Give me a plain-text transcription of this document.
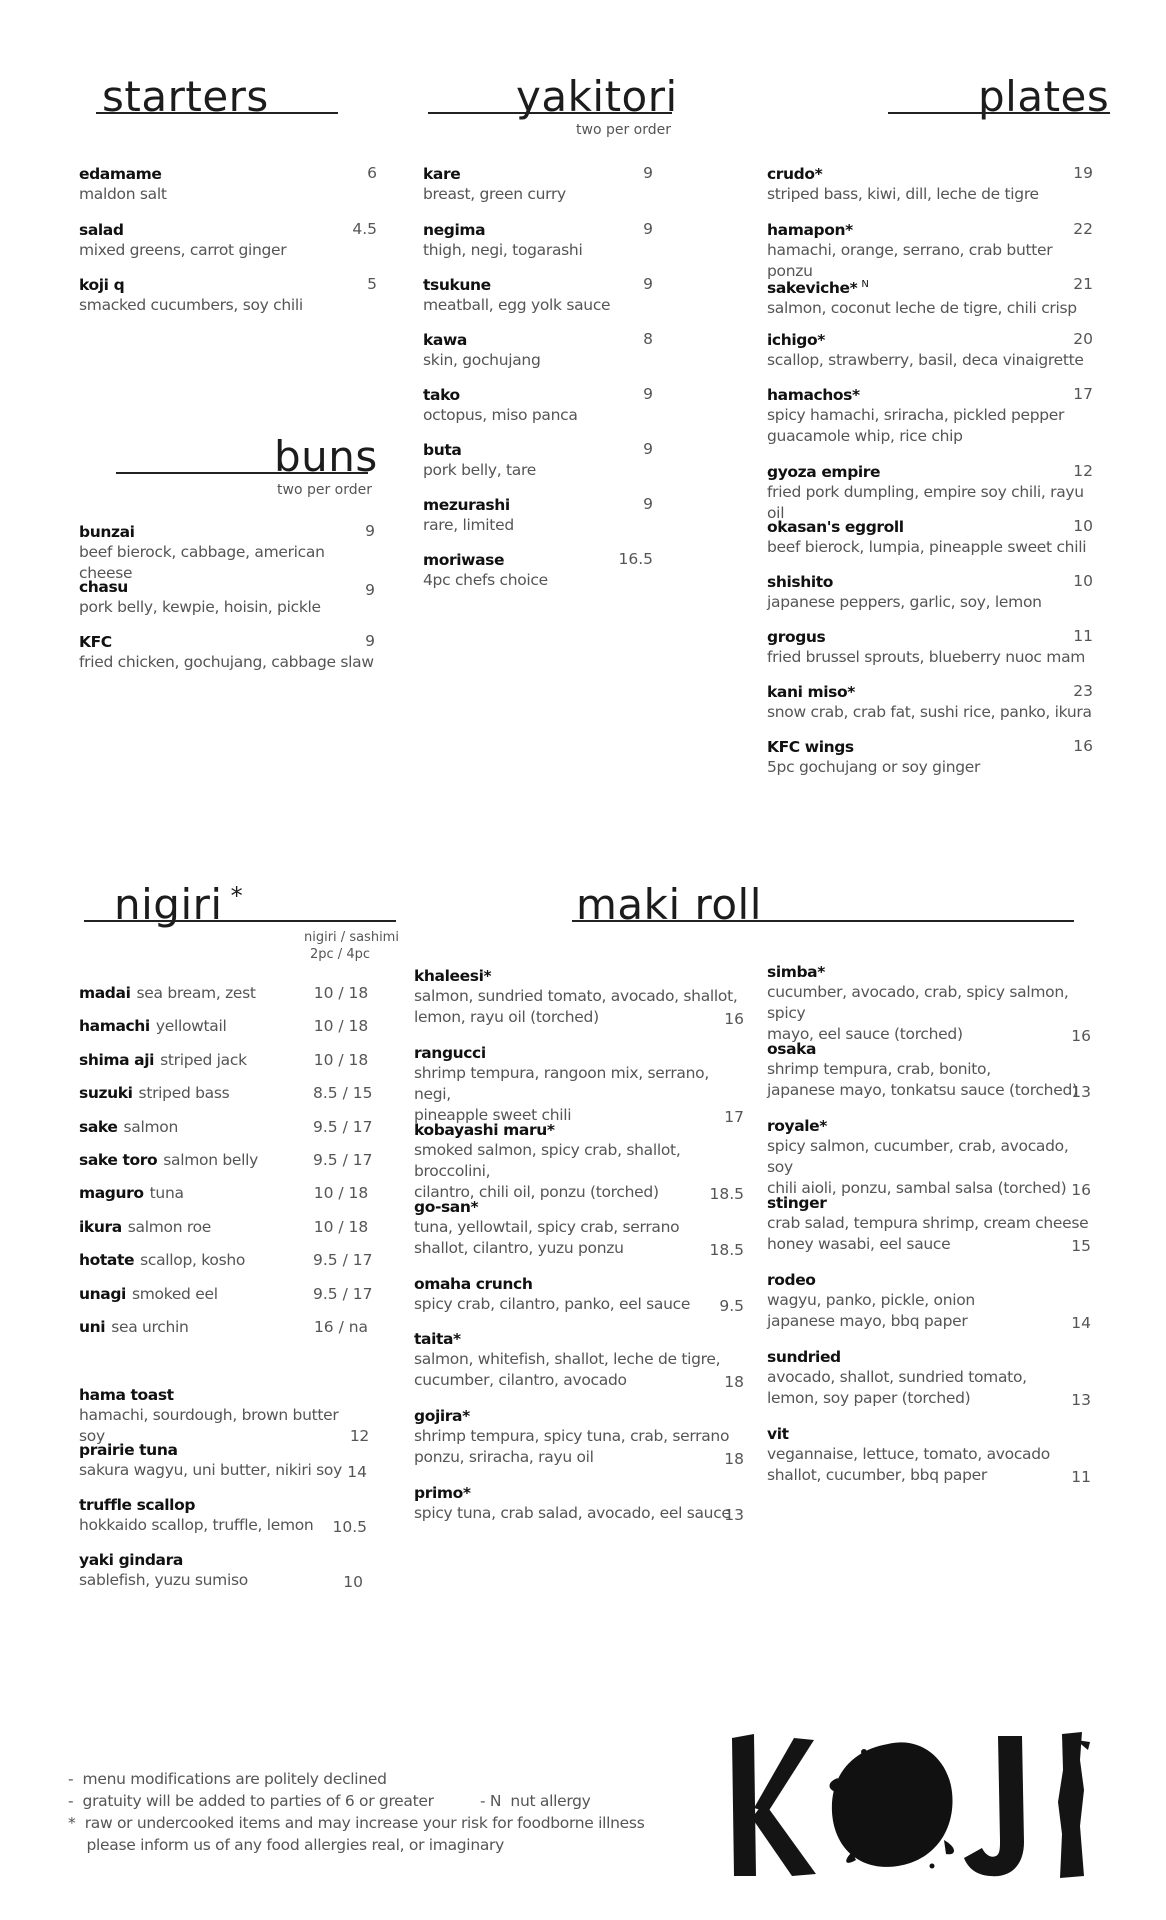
starters	yakitori
two per order
plates
buns
two per order
nigiri *
nigiri / sashimi
2pc / 4pc
maki roll
edamame
maldon salt
6
salad
mixed greens, carrot ginger
4.5
koji q
smacked cucumbers, soy chili
5
bunzai
beef bierock, cabbage, american cheese
9
chasu
pork belly, kewpie, hoisin, pickle
9
KFC
fried chicken, gochujang, cabbage slaw
9
kare
breast, green curry
9
negima
thigh, negi, togarashi
9
tsukune
meatball, egg yolk sauce
9
kawa
skin, gochujang
8
tako
octopus, miso panca
9
buta
pork belly, tare
9
mezurashi
rare, limited
9
moriwase
4pc chefs choice
16.5
crudo*
striped bass, kiwi, dill, leche de tigre
19
hamapon*
hamachi, orange, serrano, crab butter ponzu
22
sakeviche* $^N$
salmon, coconut leche de tigre, chili crisp
21
ichigo*
scallop, strawberry, basil, deca vinaigrette
20
hamachos*
spicy hamachi, sriracha, pickled pepper
guacamole whip, rice chip
17
gyoza empire
fried pork dumpling, empire soy chili, rayu oil
12
okasan's eggroll
beef bierock, lumpia, pineapple sweet chili
10
shishito
japanese peppers, garlic, soy, lemon
10
grogus
fried brussel sprouts, blueberry nuoc mam
11
kani miso*
snow crab, crab fat, sushi rice, panko, ikura
23
KFC wings
5pc gochujang or soy ginger
16
madai sea bream, zest	10 / 18
hamachi yellowtail	10 / 18
shima aji striped jack	10 / 18
suzuki striped bass	8.5 / 15
sake salmon	9.5 / 17
sake toro salmon belly	9.5 / 17
maguro tuna	10 / 18
ikura salmon roe	10 / 18
hotate scallop, kosho	9.5 / 17
unagi smoked eel	9.5 / 17
uni sea urchin	16 / na
hama toast
hamachi, sourdough, brown butter soy	12
prairie tuna
sakura wagyu, uni butter, nikiri soy 14
truffle scallop
hokkaido scallop, truffle, lemon	10.5
yaki gindara
sablefish, yuzu sumiso	10
khaleesi*
salmon, sundried tomato, avocado, shallot,
lemon, rayu oil (torched)	16
rangucci
shrimp tempura, rangoon mix, serrano, negi,
pineapple sweet chili	17
kobayashi maru*
smoked salmon, spicy crab, shallot, broccolini,
cilantro, chili oil, ponzu (torched)	18.5
go-san*
tuna, yellowtail, spicy crab, serrano
shallot, cilantro, yuzu ponzu	18.5
omaha crunch
spicy crab, cilantro, panko, eel sauce	9.5
taita*
salmon, whitefish, shallot, leche de tigre,
cucumber, cilantro, avocado	18
gojira*
shrimp tempura, spicy tuna, crab, serrano
ponzu, sriracha, rayu oil	18
primo*
spicy tuna, crab salad, avocado, eel sauce
13
simba*
cucumber, avocado, crab, spicy salmon, spicy
mayo, eel sauce (torched)	16
osaka
shrimp tempura, crab, bonito,
japanese mayo, tonkatsu sauce (torched)
13
royale*
spicy salmon, cucumber, crab, avocado, soy
chili aioli, ponzu, sambal salsa (torched) 16
stinger
crab salad, tempura shrimp, cream cheese
honey wasabi, eel sauce	15
rodeo
wagyu, panko, pickle, onion
japanese mayo, bbq paper	14
sundried
avocado, shallot, sundried tomato,
lemon, soy paper (torched)	13
vit
vegannaise, lettuce, tomato, avocado
shallot, cucumber, bbq paper	11
-  menu modifications are politely declined
-  gratuity will be added to parties of 6 or greater          - N  nut allergy
*  raw or undercooked items and may increase your risk for foodborne illness
please inform us of any food allergies real, or imaginary
